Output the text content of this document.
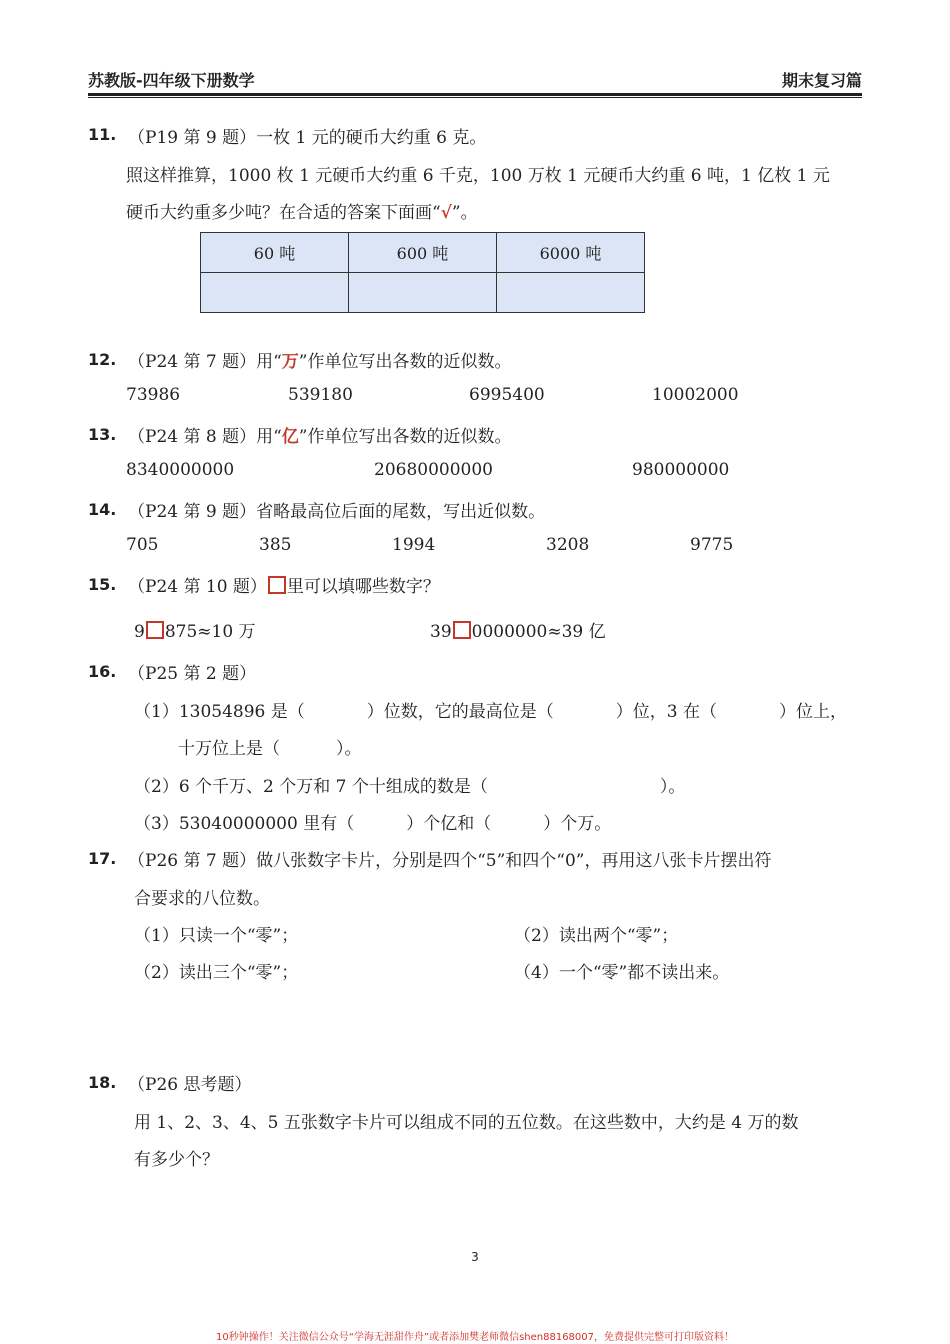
苏教版-四年级下册数学	期末复习篇
11. （P19 第 9 题）一枚 1 元的硬币大约重 6 克。
照这样推算，1000 枚 1 元硬币大约重 6 千克，100 万枚 1 元硬币大约重 6 吨，1 亿枚 1 元
硬币大约重多少吨？在合适的答案下面画“√”。
60 吨	600 吨	6000 吨

12. （P24 第 7 题）用“万”作单位写出各数的近似数。
73986	539180	6995400	10002000
13. （P24 第 8 题）用“亿”作单位写出各数的近似数。
8340000000	20680000000	980000000
14. （P24 第 9 题）省略最高位后面的尾数，写出近似数。
705	385	1994	3208	9775
15. （P24 第 10 题） 里可以填哪些数字？
9 875≈10 万	39 0000000≈39 亿
16. （P25 第 2 题）
（1）13054896 是（	）位数，它的最高位是（	）位，3 在（	）位上，
十万位上是（	）。
（2）6 个千万、2 个万和 7 个十组成的数是（	）。
（3）53040000000 里有（	）个亿和（	）个万。
17. （P26 第 7 题）做八张数字卡片，分别是四个“5”和四个“0”，再用这八张卡片摆出符
合要求的八位数。
（1）只读一个“零”；	（2）读出两个“零”；
（2）读出三个“零”；	（4）一个“零”都不读出来。
18. （P26 思考题）
用 1、2、3、4、5 五张数字卡片可以组成不同的五位数。在这些数中，大约是 4 万的数
有多少个？
3
10秒钟操作！关注微信公众号“学海无涯甜作舟”或者添加樊老师微信shen88168007，免费提供完整可打印版资料！
